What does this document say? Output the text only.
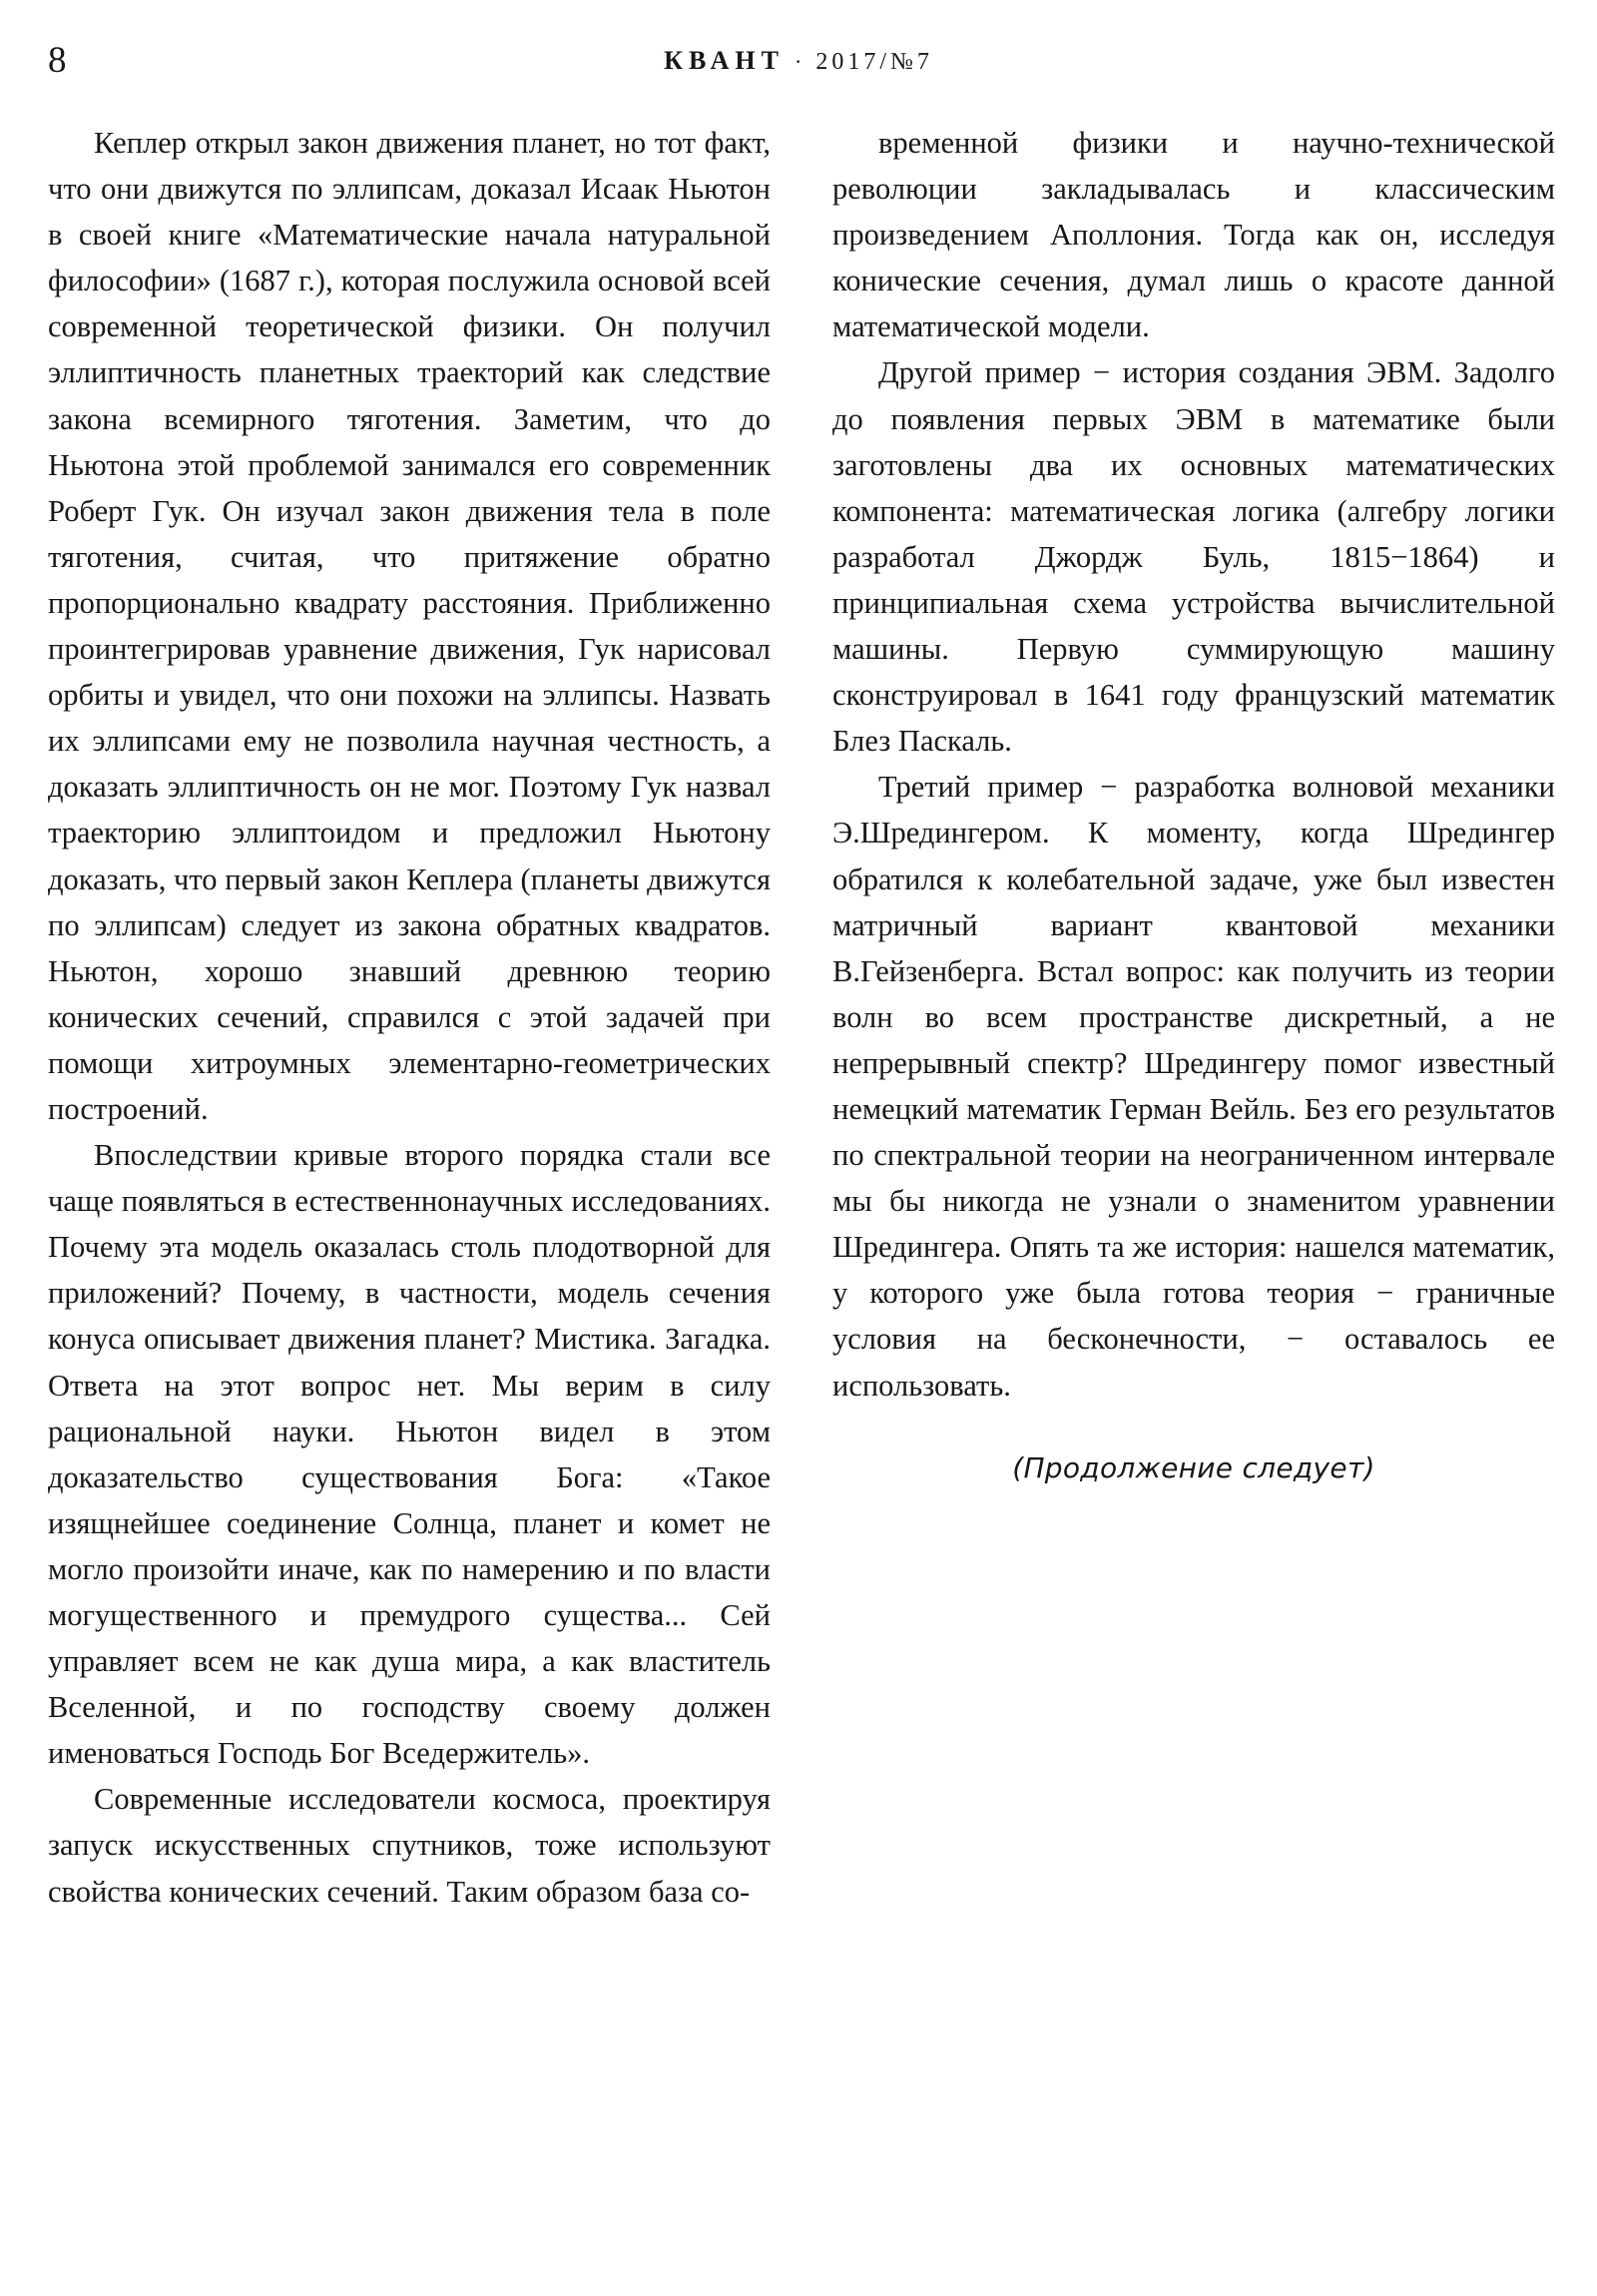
8	КВАНТ · 2017/№7

Кеплер открыл закон движения планет, но тот факт, что они движутся по эллипсам, доказал Исаак Ньютон в своей книге «Математические начала натуральной философии» (1687 г.), которая послужила основой всей современной теоретической физики. Он получил эллиптичность планетных траекторий как следствие закона всемирного тяготения. Заметим, что до Ньютона этой проблемой занимался его современник Роберт Гук. Он изучал закон движения тела в поле тяготения, считая, что притяжение обратно пропорционально квадрату расстояния. Приближенно проинтегрировав уравнение движения, Гук нарисовал орбиты и увидел, что они похожи на эллипсы. Назвать их эллипсами ему не позволила научная честность, а доказать эллиптичность он не мог. Поэтому Гук назвал траекторию эллиптоидом и предложил Ньютону доказать, что первый закон Кеплера (планеты движутся по эллипсам) следует из закона обратных квадратов. Ньютон, хорошо знавший древнюю теорию конических сечений, справился с этой задачей при помощи хитроумных элементарно-геометрических построений.

Впоследствии кривые второго порядка стали все чаще появляться в естественнонаучных исследованиях. Почему эта модель оказалась столь плодотворной для приложений? Почему, в частности, модель сечения конуса описывает движения планет? Мистика. Загадка. Ответа на этот вопрос нет. Мы верим в силу рациональной науки. Ньютон видел в этом доказательство существования Бога: «Такое изящнейшее соединение Солнца, планет и комет не могло произойти иначе, как по намерению и по власти могущественного и премудрого существа... Сей управляет всем не как душа мира, а как властитель Вселенной, и по господству своему должен именоваться Господь Бог Вседержитель».

Современные исследователи космоса, проектируя запуск искусственных спутников, тоже используют свойства конических сечений. Таким образом база со-

временной физики и научно-технической революции закладывалась и классическим произведением Аполлония. Тогда как он, исследуя конические сечения, думал лишь о красоте данной математической модели.

Другой пример − история создания ЭВМ. Задолго до появления первых ЭВМ в математике были заготовлены два их основных математических компонента: математическая логика (алгебру логики разработал Джордж Буль, 1815−1864) и принципиальная схема устройства вычислительной машины. Первую суммирующую машину сконструировал в 1641 году французский математик Блез Паскаль.

Третий пример − разработка волновой механики Э.Шредингером. К моменту, когда Шредингер обратился к колебательной задаче, уже был известен матричный вариант квантовой механики В.Гейзенберга. Встал вопрос: как получить из теории волн во всем пространстве дискретный, а не непрерывный спектр? Шредингеру помог известный немецкий математик Герман Вейль. Без его результатов по спектральной теории на неограниченном интервале мы бы никогда не узнали о знаменитом уравнении Шредингера. Опять та же история: нашелся математик, у которого уже была готова теория − граничные условия на бесконечности, − оставалось ее использовать.

(Продолжение следует)
